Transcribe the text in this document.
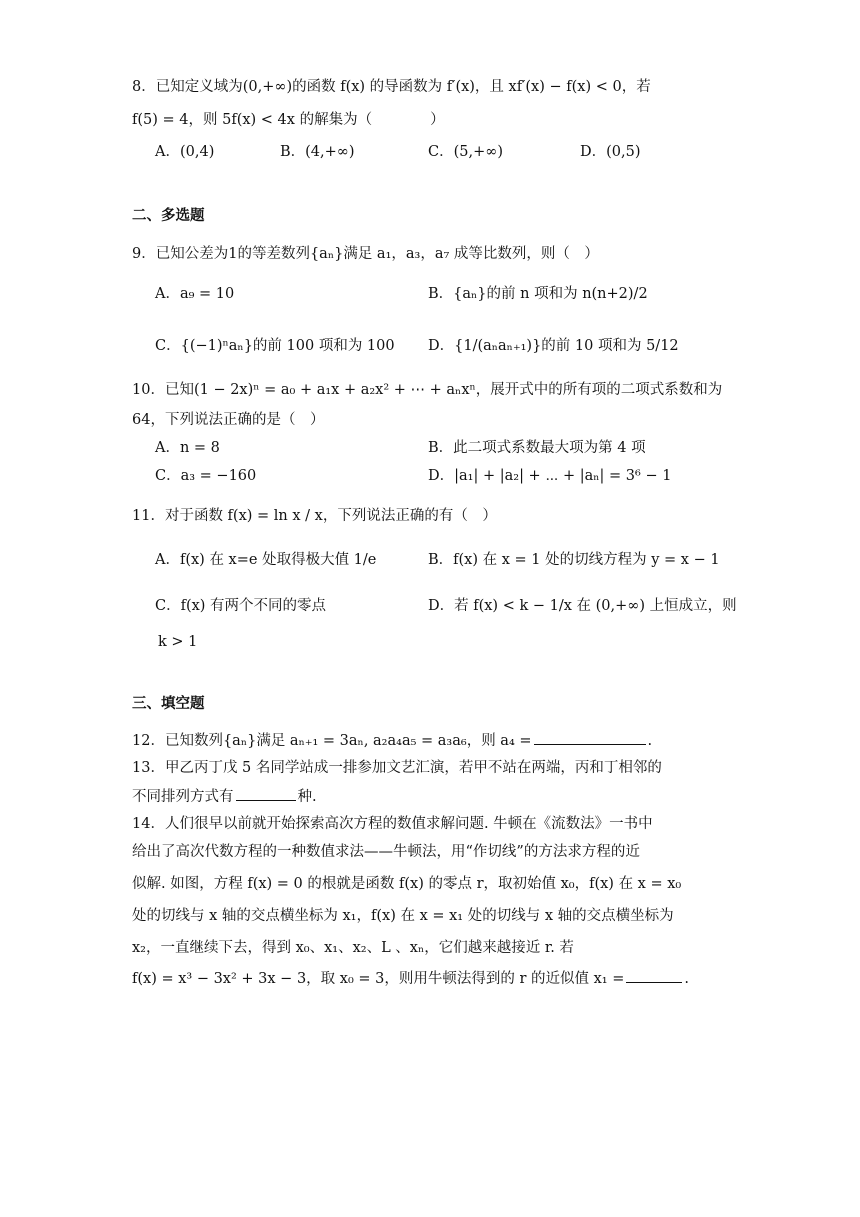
8．已知定义域为(0,+∞)的函数 f(x) 的导函数为 f′(x)，且 xf′(x) − f(x) < 0，若
f(5) = 4，则 5f(x) < 4x 的解集为（　　　　）
A．(0,4)	B．(4,+∞)	C．(5,+∞)	D．(0,5)
二、多选题
9．已知公差为1的等差数列{aₙ}满足 a₁，a₃，a₇ 成等比数列，则（　）
A．a₉ = 10	B．{aₙ}的前 n 项和为 n(n+2)/2
C．{(−1)ⁿaₙ}的前 100 项和为 100 D．{1/(aₙaₙ₊₁)}的前 10 项和为 5/12
10．已知(1 − 2x)ⁿ = a₀ + a₁x + a₂x² + ⋯ + aₙxⁿ，展开式中的所有项的二项式系数和为
64，下列说法正确的是（　）
A．n = 8	B．此二项式系数最大项为第 4 项
C．a₃ = −160	D．|a₁| + |a₂| + ⋯ + |aₙ| = 3⁶ − 1
11．对于函数 f(x) = ln x / x，下列说法正确的有（　）
A．f(x) 在 x=e 处取得极大值 1/e	B．f(x) 在 x = 1 处的切线方程为 y = x − 1
C．f(x) 有两个不同的零点	D．若 f(x) < k − 1/x 在 (0,+∞) 上恒成立，则
k > 1
三、填空题
12．已知数列{aₙ}满足 aₙ₊₁ = 3aₙ, a₂a₄a₅ = a₃a₆，则 a₄ =	.
13．甲乙丙丁戊 5 名同学站成一排参加文艺汇演，若甲不站在两端，丙和丁相邻的
不同排列方式有	种.
14．人们很早以前就开始探索高次方程的数值求解问题. 牛顿在《流数法》一书中
给出了高次代数方程的一种数值求法——牛顿法，用“作切线”的方法求方程的近
似解. 如图，方程 f(x) = 0 的根就是函数 f(x) 的零点 r，取初始值 x₀，f(x) 在 x = x₀
处的切线与 x 轴的交点横坐标为 x₁，f(x) 在 x = x₁ 处的切线与 x 轴的交点横坐标为
x₂，一直继续下去，得到 x₀、x₁、x₂、L 、xₙ，它们越来越接近 r. 若
f(x) = x³ − 3x² + 3x − 3，取 x₀ = 3，则用牛顿法得到的 r 的近似值 x₁ =	.
